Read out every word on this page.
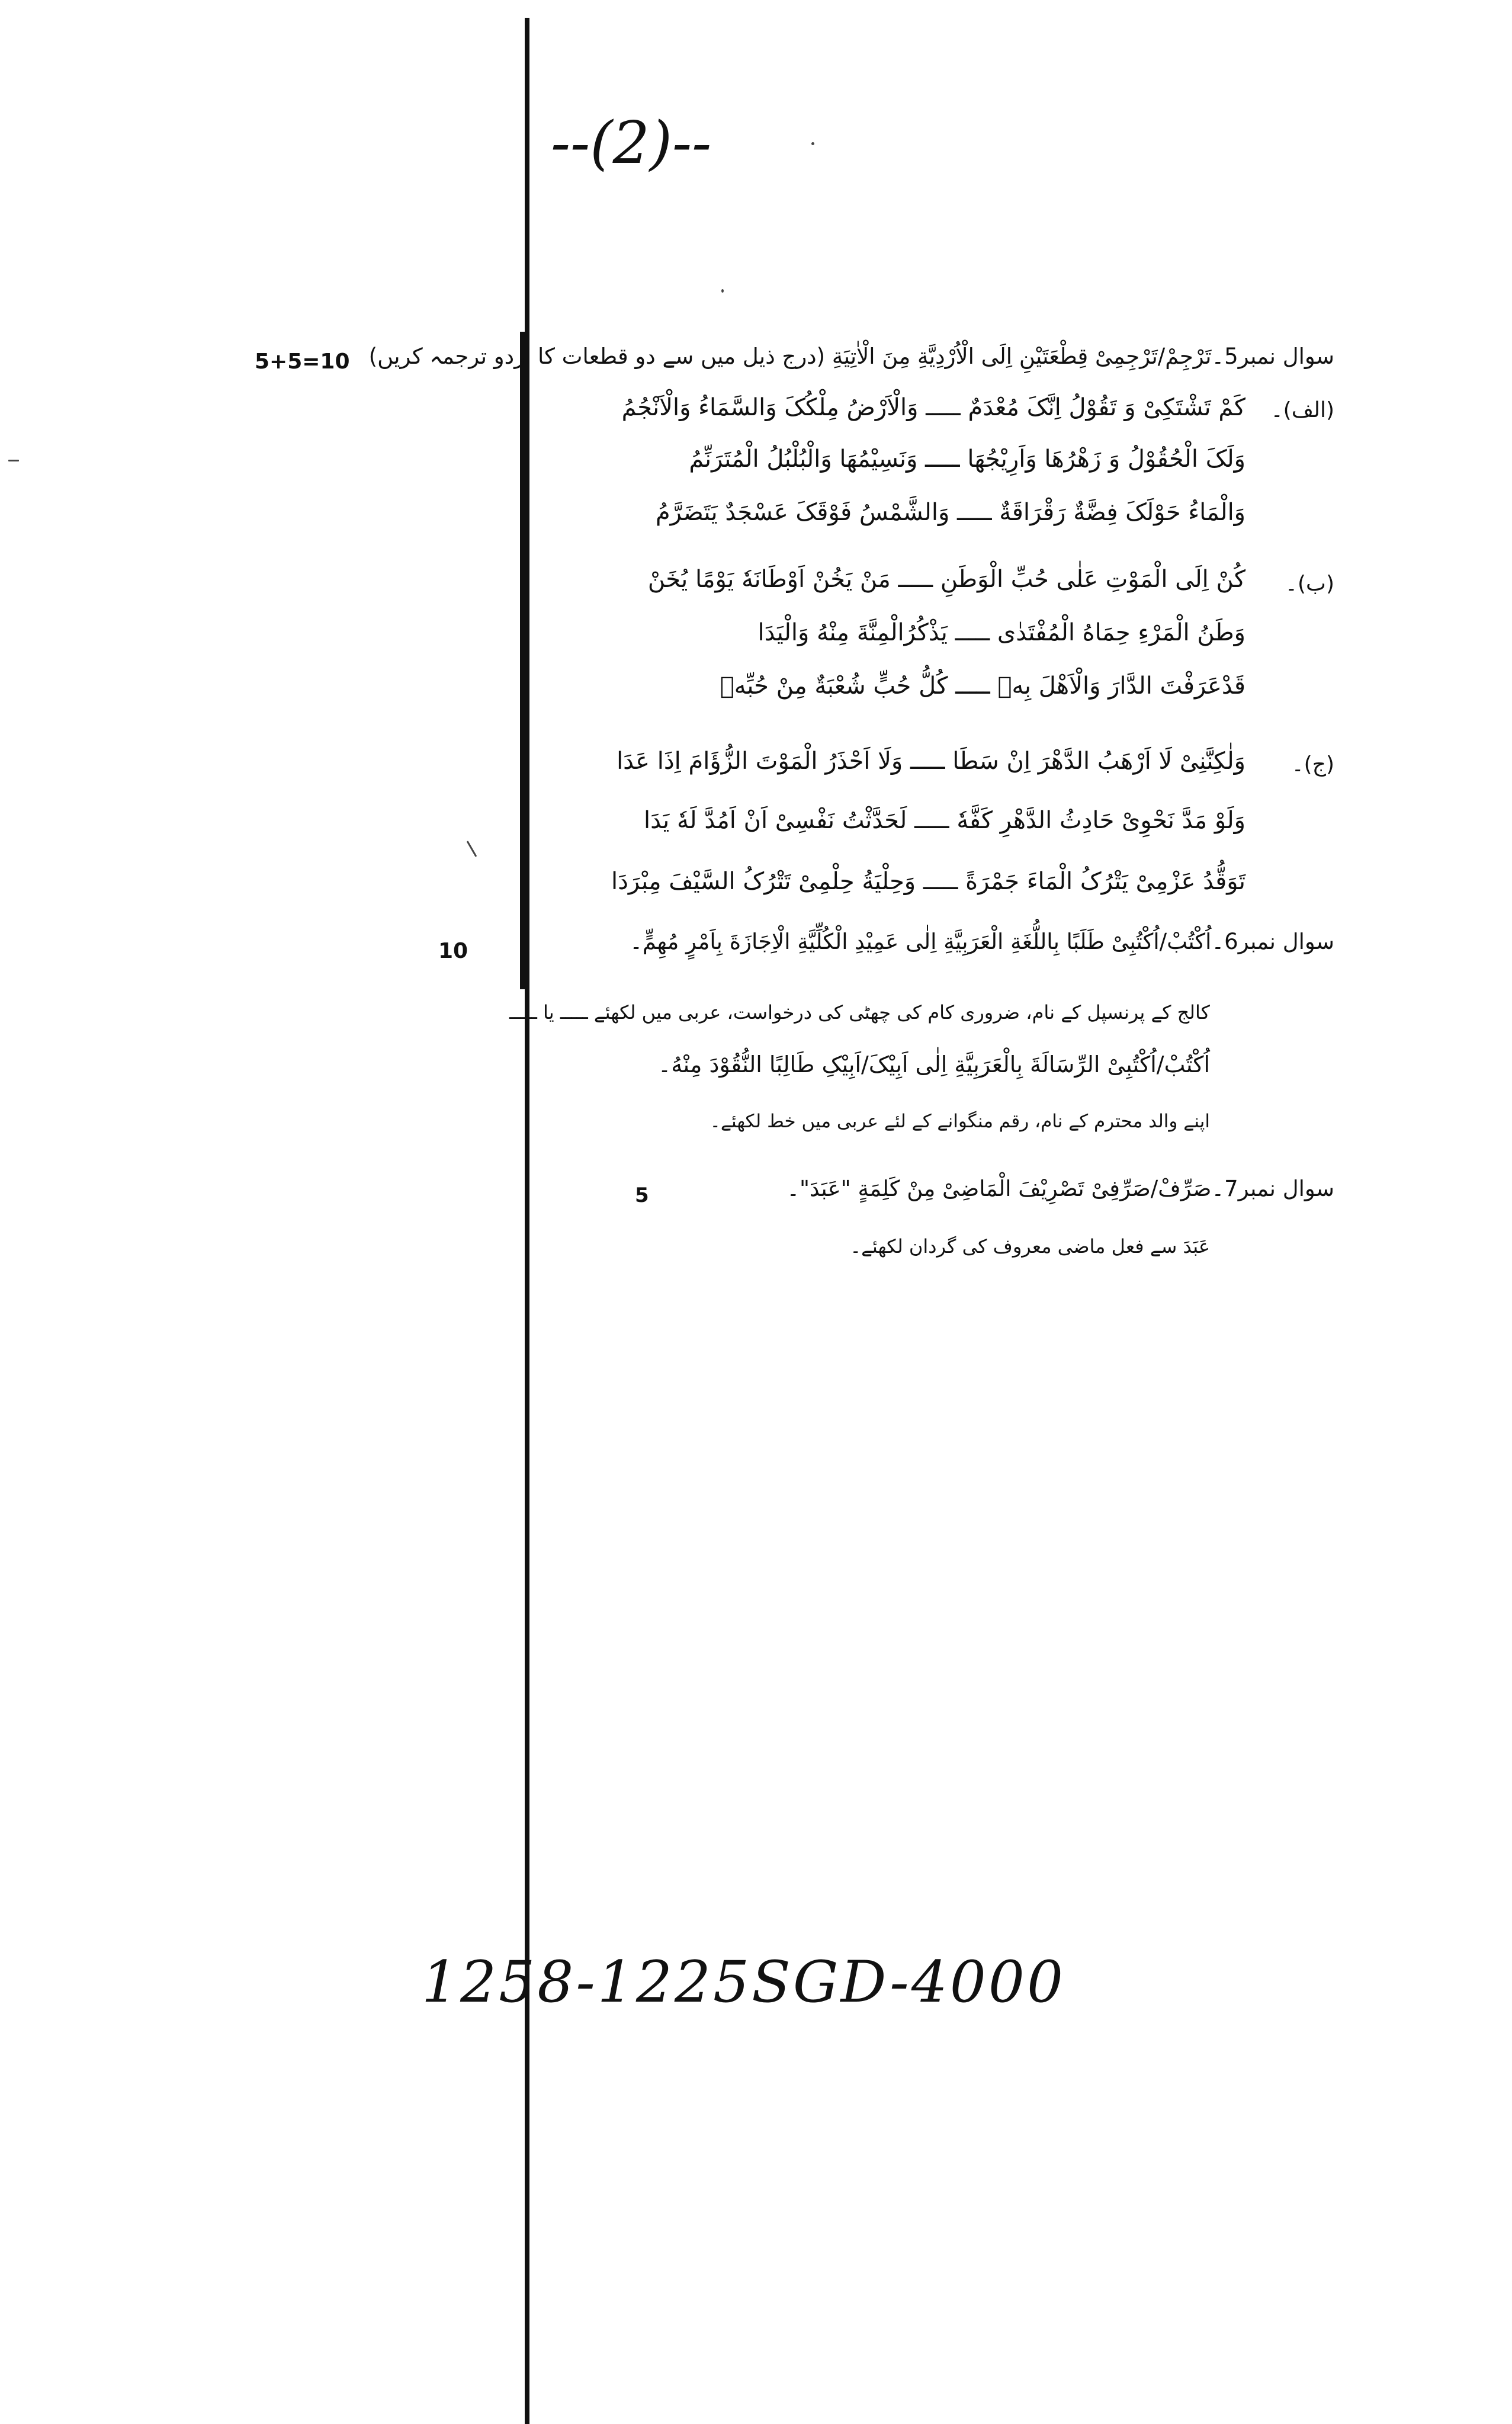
--(2)--
سوال نمبر5۔تَرْجِمْ/تَرْجِمِیْ قِطْعَتَیْنِ اِلَی الْاُرْدِیَّةِ مِنَ الْاٰتِیَةِ (درج ذیل میں سے دو قطعات کا اردو ترجمہ کریں)
5+5=10
(الف)۔
کَمْ تَشْتَکِیْ وَ تَقُوْلُ اِنَّکَ مُعْدَمٌ ـــــ وَالْاَرْضُ مِلْکُکَ وَالسَّمَاءُ وَالْاَنْجُمُ
وَلَکَ الْحُقُوْلُ وَ زَهْرُهَا وَاَرِیْجُهَا ـــــ وَنَسِیْمُهَا وَالْبُلْبُلُ الْمُتَرَنِّمُ
وَالْمَاءُ حَوْلَکَ فِضَّةٌ رَقْرَاقَةٌ ـــــ وَالشَّمْسُ فَوْقَکَ عَسْجَدٌ یَتَضَرَّمُ
(ب)۔
کُنْ اِلَی الْمَوْتِ عَلٰی حُبِّ الْوَطَنِ ـــــ مَنْ یَخُنْ اَوْطَانَهٗ یَوْمًا یُخَنْ
وَطَنُ الْمَرْءِ حِمَاهُ الْمُفْتَدٰی ـــــ یَذْکُرُالْمِنَّةَ مِنْهُ وَالْیَدَا
قَدْعَرَفْتَ الدَّارَ وَالْاَهْلَ بِهٖ ـــــ کُلُّ حُبٍّ شُعْبَةٌ مِنْ حُبِّهٖ
(ج)۔
وَلٰکِنَّنِیْ لَا اَرْهَبُ الدَّهْرَ اِنْ سَطَا ـــــ وَلَا اَحْذَرُ الْمَوْتَ الزُّؤَامَ اِذَا عَدَا
وَلَوْ مَدَّ نَحْوِیْ حَادِثُ الدَّهْرِ کَفَّهٗ ـــــ لَحَدَّثْتُ نَفْسِیْ اَنْ اَمُدَّ لَهٗ یَدَا
تَوَقُّدُ عَزْمِیْ یَتْرُکُ الْمَاءَ جَمْرَةً ـــــ وَحِلْیَةُ حِلْمِیْ تَتْرُکُ السَّیْفَ مِبْرَدَا
سوال نمبر6۔اُکْتُبْ/اُکْتُبِیْ طَلَبًا بِاللُّغَةِ الْعَرَبِیَّةِ اِلٰی عَمِیْدِ الْکُلِّیَّةِ الْاِجَازَةَ بِاَمْرٍ مُهِمٍّ۔
10
کالج کے پرنسپل کے نام، ضروری کام کی چھٹی کی درخواست، عربی میں لکھئے ـــــ یا ـــــ
اُکْتُبْ/اُکْتُبِیْ الرِّسَالَةَ بِالْعَرَبِیَّةِ اِلٰی اَبِیْکَ/اَبِیْکِ طَالِبًا النُّقُوْدَ مِنْهُ۔
اپنے والد محترم کے نام، رقم منگوانے کے لئے عربی میں خط لکھئے۔
سوال نمبر7۔صَرِّفْ/صَرِّفِیْ تَصْرِیْفَ الْمَاضِیْ مِنْ کَلِمَةٍ "عَبَدَ"۔
5
عَبَدَ سے فعل ماضی معروف کی گردان لکھئے۔
1258-1225SGD-4000
